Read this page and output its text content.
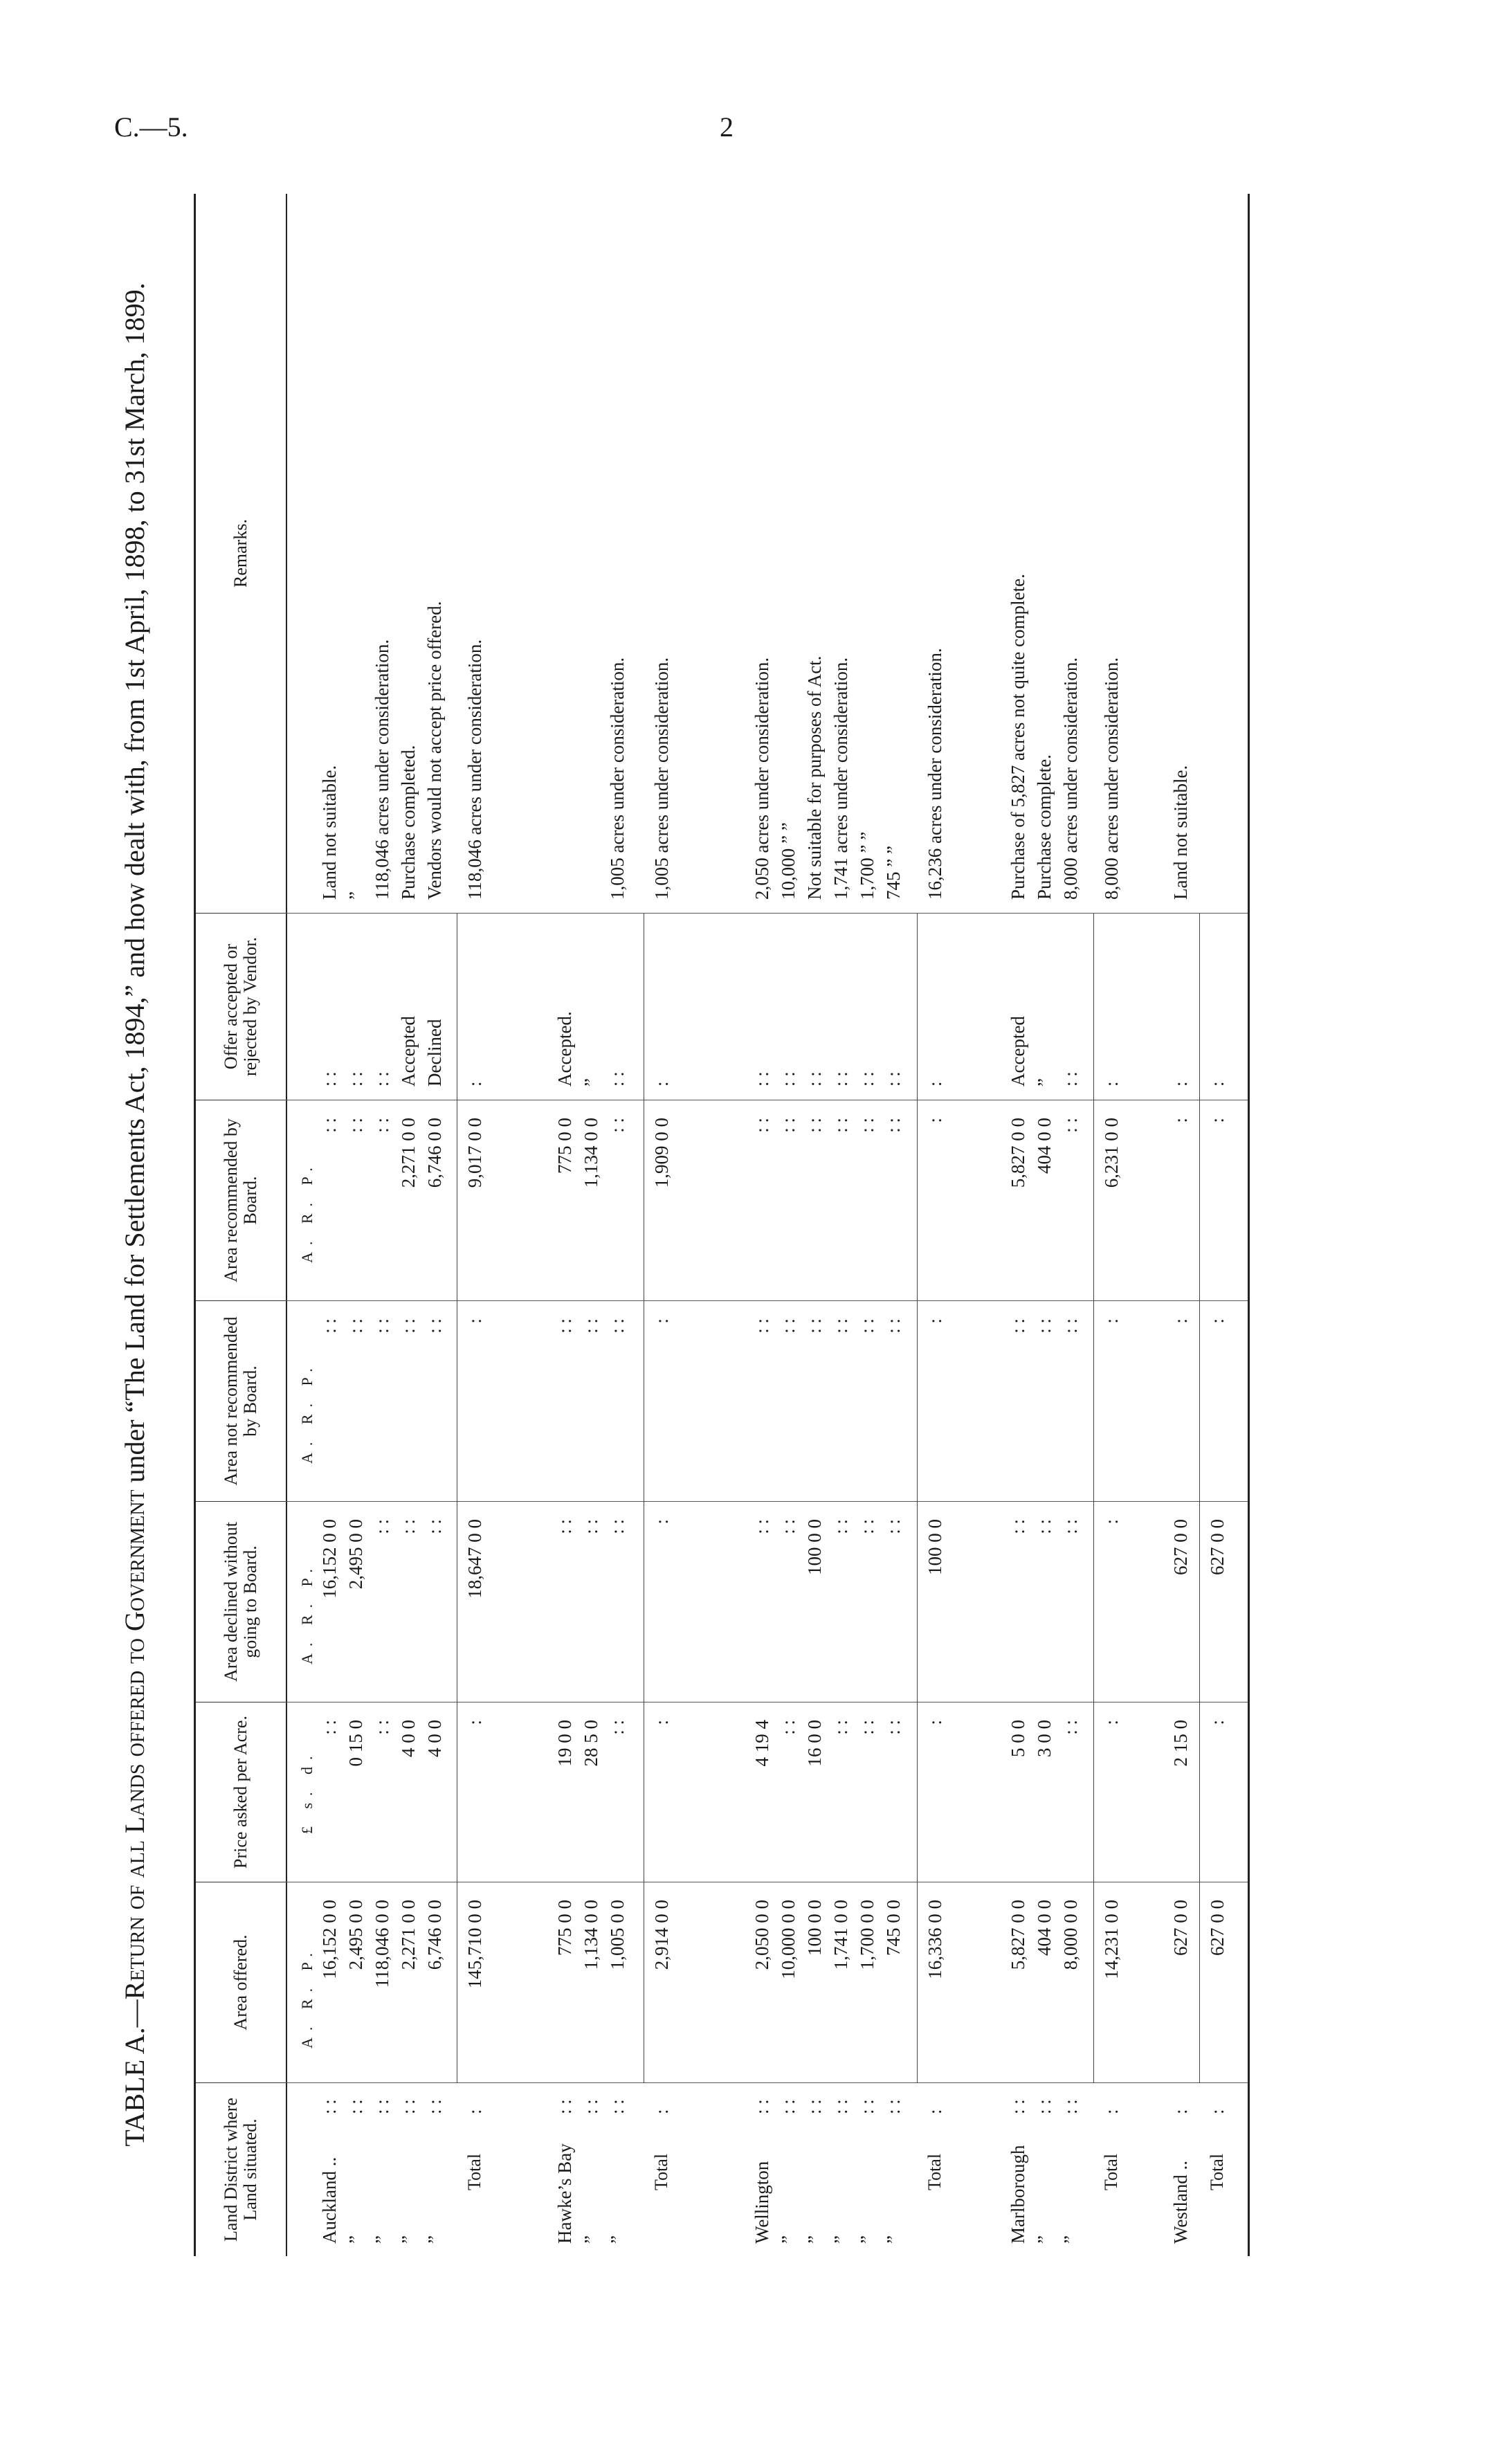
C.—5.	2
TABLE A.—Return of all Lands offered to Government under “The Land for Settlements Act, 1894,” and how dealt with, from 1st April, 1898, to 31st March, 1899.
Land District where Land situated.
Area offered.
Price asked per Acre.
Area declined without going to Board.
Area not recommended by Board.
Area recommended by Board.
Offer accepted or rejected by Vendor.
Remarks.
A. R. P.
£ s. d.
A. R. P.
A. R. P.
A. R. P.
Auckland ..
: :
16,152 0 0
: :
16,152 0 0
: :
: :
: :
Land not suitable.
”
: :
2,495 0 0
0 15 0
2,495 0 0
: :
: :
: :
”
”
: :
118,046 0 0
: :
: :
: :
: :
: :
118,046 acres under consideration.
”
: :
2,271 0 0
4 0 0
: :
: :
2,271 0 0
Accepted
Purchase completed.
”
: :
6,746 0 0
4 0 0
: :
: :
6,746 0 0
Declined
Vendors would not accept price offered.
Total
:
145,710 0 0
:
18,647 0 0
:
9,017 0 0
:
118,046 acres under consideration.
Hawke’s Bay
: :
775 0 0
19 0 0
: :
: :
775 0 0
Accepted.
”
: :
1,134 0 0
28 5 0
: :
: :
1,134 0 0
”
”
: :
1,005 0 0
: :
: :
: :
: :
: :
1,005 acres under consideration.
Total
:
2,914 0 0
:
:
:
1,909 0 0
:
1,005 acres under consideration.
Wellington
: :
2,050 0 0
4 19 4
: :
: :
: :
: :
2,050 acres under consideration.
”
: :
10,000 0 0
: :
: :
: :
: :
: :
10,000 ” ”
”
: :
100 0 0
16 0 0
100 0 0
: :
: :
: :
Not suitable for purposes of Act.
”
: :
1,741 0 0
: :
: :
: :
: :
: :
1,741 acres under consideration.
”
: :
1,700 0 0
: :
: :
: :
: :
: :
1,700 ” ”
”
: :
745 0 0
: :
: :
: :
: :
: :
745 ” ”
Total
:
16,336 0 0
:
100 0 0
:
:
:
16,236 acres under consideration.
Marlborough
: :
5,827 0 0
5 0 0
: :
: :
5,827 0 0
Accepted
Purchase of 5,827 acres not quite complete.
”
: :
404 0 0
3 0 0
: :
: :
404 0 0
”
Purchase complete.
”
: :
8,000 0 0
: :
: :
: :
: :
: :
8,000 acres under consideration.
Total
:
14,231 0 0
:
:
:
6,231 0 0
:
8,000 acres under consideration.
Westland ..
:
627 0 0
2 15 0
627 0 0
:
:
:
Land not suitable.
Total
:
627 0 0
:
627 0 0
:
:
:
